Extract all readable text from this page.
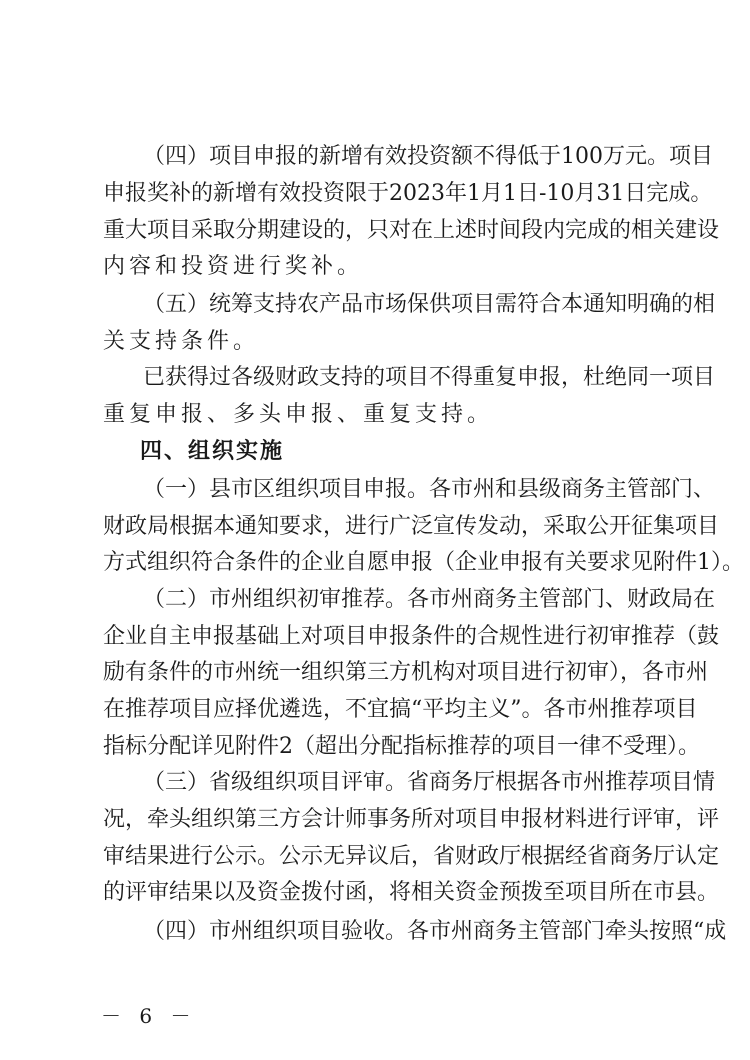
（四）项目申报的新增有效投资额不得低于100万元。项目
申报奖补的新增有效投资限于2023年1月1日-10月31日完成。
重大项目采取分期建设的，只对在上述时间段内完成的相关建设
内容和投资进行奖补。
（五）统筹支持农产品市场保供项目需符合本通知明确的相
关支持条件。
已获得过各级财政支持的项目不得重复申报，杜绝同一项目
重复申报、多头申报、重复支持。
四、组织实施
（一）县市区组织项目申报。各市州和县级商务主管部门、
财政局根据本通知要求，进行广泛宣传发动，采取公开征集项目
方式组织符合条件的企业自愿申报（企业申报有关要求见附件1）。
（二）市州组织初审推荐。各市州商务主管部门、财政局在
企业自主申报基础上对项目申报条件的合规性进行初审推荐（鼓
励有条件的市州统一组织第三方机构对项目进行初审），各市州
在推荐项目应择优遴选，不宜搞“平均主义”。各市州推荐项目
指标分配详见附件2（超出分配指标推荐的项目一律不受理）。
（三）省级组织项目评审。省商务厅根据各市州推荐项目情
况，牵头组织第三方会计师事务所对项目申报材料进行评审，评
审结果进行公示。公示无异议后，省财政厅根据经省商务厅认定
的评审结果以及资金拨付函，将相关资金预拨至项目所在市县。
（四）市州组织项目验收。各市州商务主管部门牵头按照“成
－ 6 －
